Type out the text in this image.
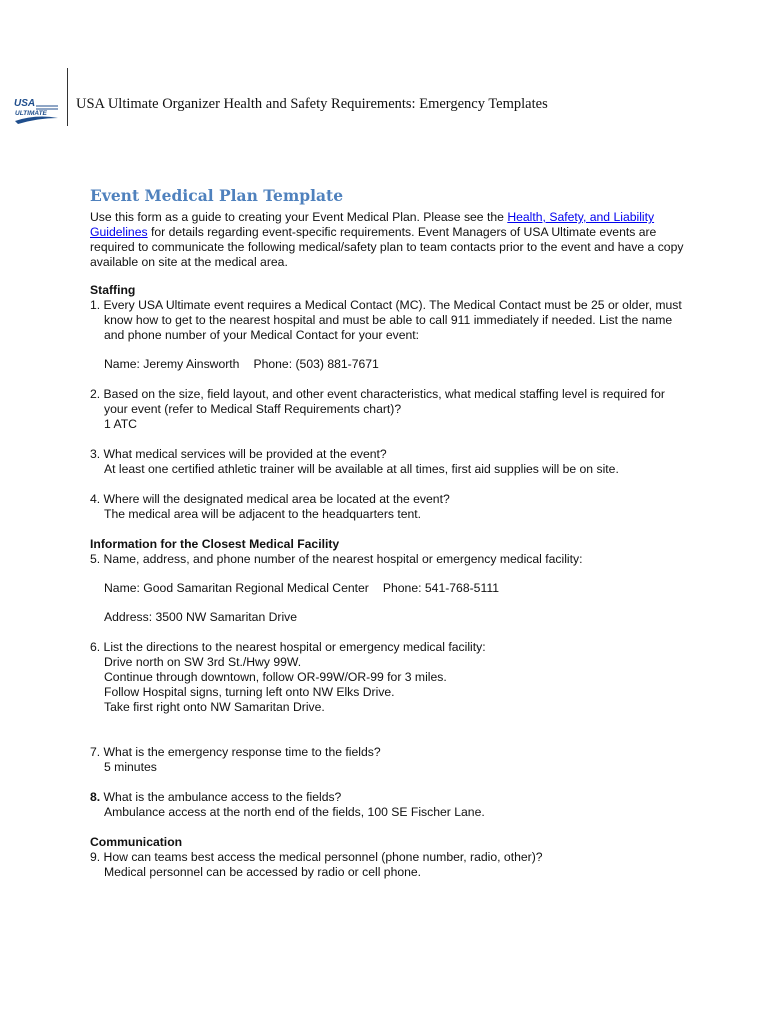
USA
ULTIMATE
USA Ultimate Organizer Health and Safety Requirements: Emergency Templates
Event Medical Plan Template

Use this form as a guide to creating your Event Medical Plan. Please see the Health, Safety, and Liability Guidelines for details regarding event-specific requirements. Event Managers of USA Ultimate events are required to communicate the following medical/safety plan to team contacts prior to the event and have a copy available on site at the medical area.

Staffing

1. Every USA Ultimate event requires a Medical Contact (MC). The Medical Contact must be 25 or older, must know how to get to the nearest hospital and must be able to call 911 immediately if needed. List the name and phone number of your Medical Contact for your event:

Name: Jeremy Ainsworth Phone: (503) 881-7671

2. Based on the size, field layout, and other event characteristics, what medical staffing level is required for your event (refer to Medical Staff Requirements chart)?

1 ATC

3. What medical services will be provided at the event?

At least one certified athletic trainer will be available at all times, first aid supplies will be on site.

4. Where will the designated medical area be located at the event?

The medical area will be adjacent to the headquarters tent.

Information for the Closest Medical Facility

5. Name, address, and phone number of the nearest hospital or emergency medical facility:

Name: Good Samaritan Regional Medical Center Phone: 541-768-5111

Address: 3500 NW Samaritan Drive

6. List the directions to the nearest hospital or emergency medical facility:

Drive north on SW 3rd St./Hwy 99W.

Continue through downtown, follow OR-99W/OR-99 for 3 miles.

Follow Hospital signs, turning left onto NW Elks Drive.

Take first right onto NW Samaritan Drive.

7. What is the emergency response time to the fields?

5 minutes

8. What is the ambulance access to the fields?

Ambulance access at the north end of the fields, 100 SE Fischer Lane.

Communication

9. How can teams best access the medical personnel (phone number, radio, other)?

Medical personnel can be accessed by radio or cell phone.
